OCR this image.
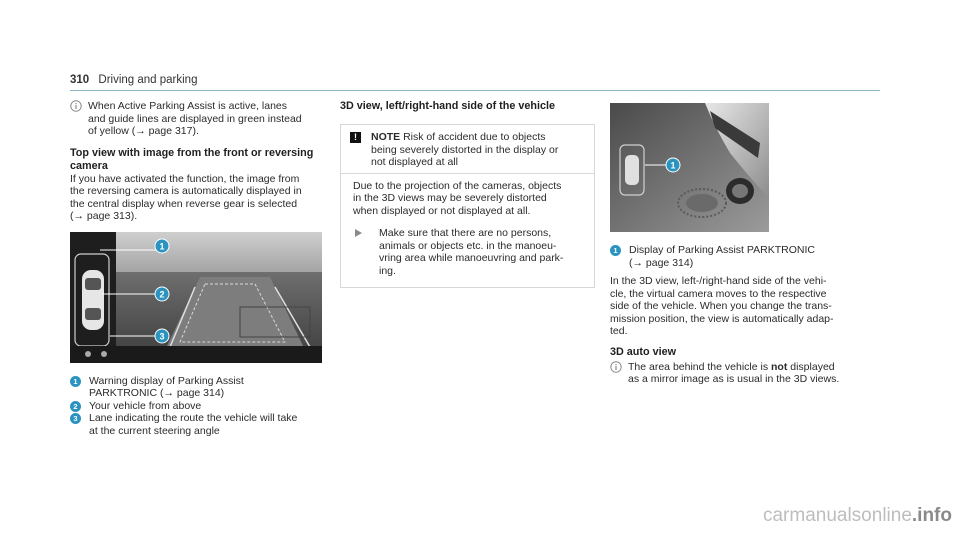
310 Driving and parking

When Active Parking Assist is active, lanes

and guide lines are displayed in green instead

of yellow (→ page 317).

Top view with image from the front or reversing

camera

If you have activated the function, the image from

the reversing camera is automatically displayed in

the central display when reverse gear is selected

(→ page 313).

1
2
3
1	Warning display of Parking Assist

PARKTRONIC (→ page 314)

2	Your vehicle from above

3	Lane indicating the route the vehicle will take

at the current steering angle

3D view, left/right-hand side of the vehicle

!	NOTE Risk of accident due to objects

being severely distorted in the display or

not displayed at all

Due to the projection of the cameras, objects

in the 3D views may be severely distorted

when displayed or not displayed at all.

Make sure that there are no persons,

animals or objects etc. in the manoeu-

vring area while manoeuvring and park-

ing.

1
1	Display of Parking Assist PARKTRONIC

(→ page 314)

In the 3D view, left-/right-hand side of the vehi-

cle, the virtual camera moves to the respective

side of the vehicle. When you change the trans-

mission position, the view is automatically adap-

ted.

3D auto view

The area behind the vehicle is not displayed

as a mirror image as is usual in the 3D views.

carmanualsonline.info
